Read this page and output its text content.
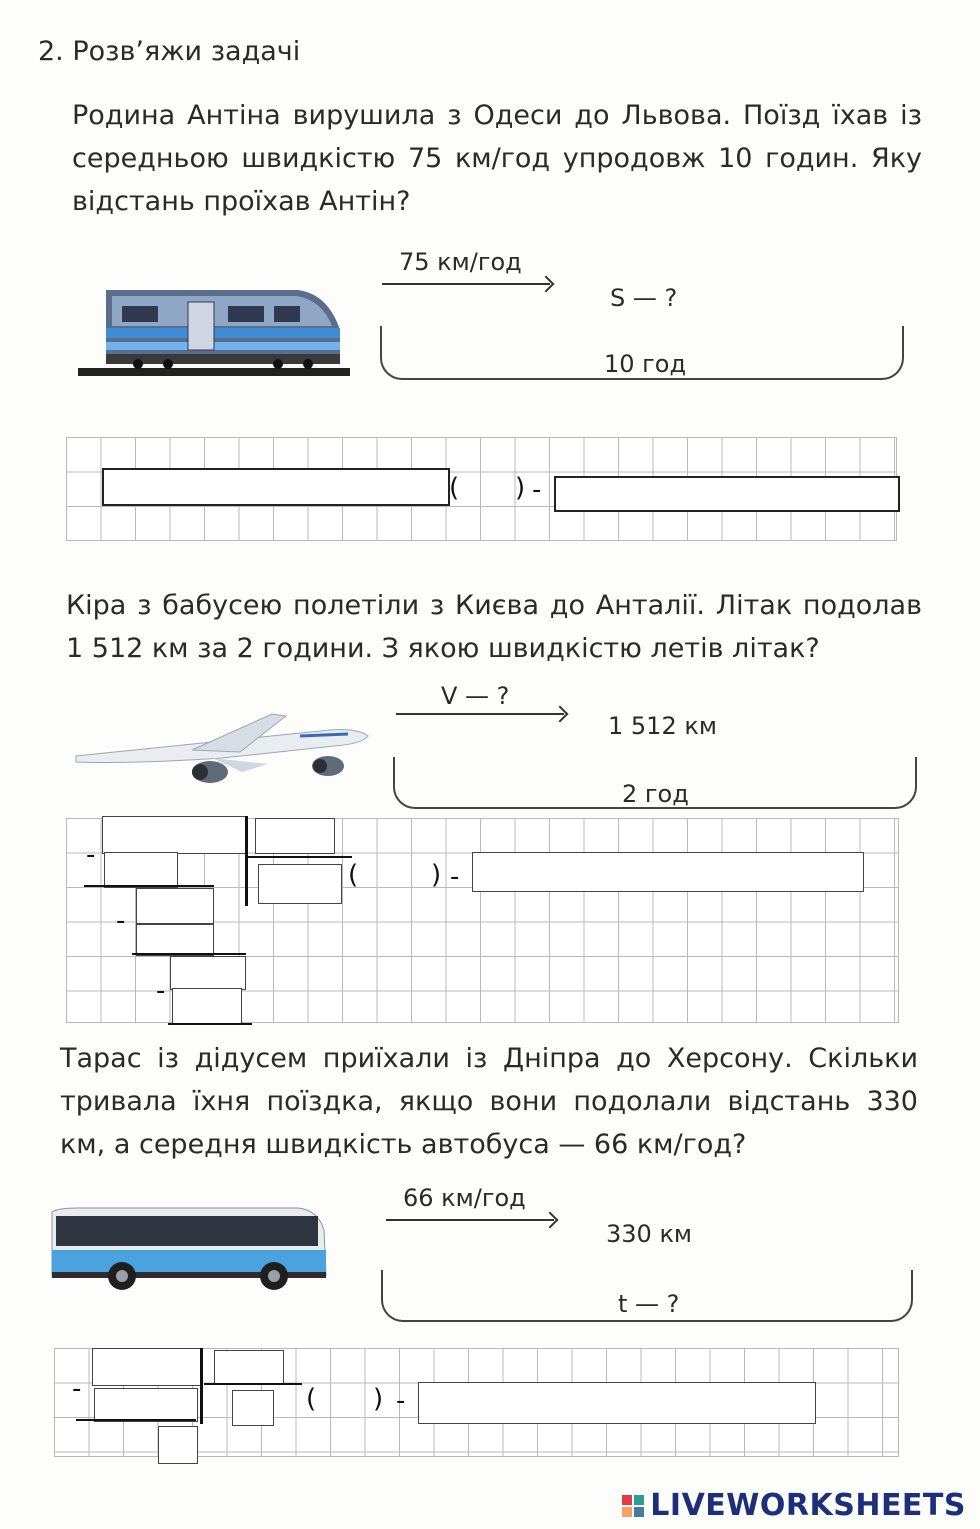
2. Розв’яжи задачі
Родина Антіна вирушила з Одеси до Львова. Поїзд їхав із середньою швидкістю 75 км/год упродовж 10 годин. Яку відстань проїхав Антін?
75 км/год
S — ?
10 год
( ) -
Кіра з бабусею полетіли з Києва до Анталії. Літак подолав 1 512 км за 2 години. З якою швидкістю летів літак?
V — ?
1 512 км
2 год
-
(	) -
-
-
Тарас із дідусем приїхали із Дніпра до Херсону. Скільки тривала їхня поїздка, якщо вони подолали відстань 330 км, а середня швидкість автобуса — 66 км/год?
66 км/год
330 км
t — ?
-	( ) -
LIVEWORKSHEETS
